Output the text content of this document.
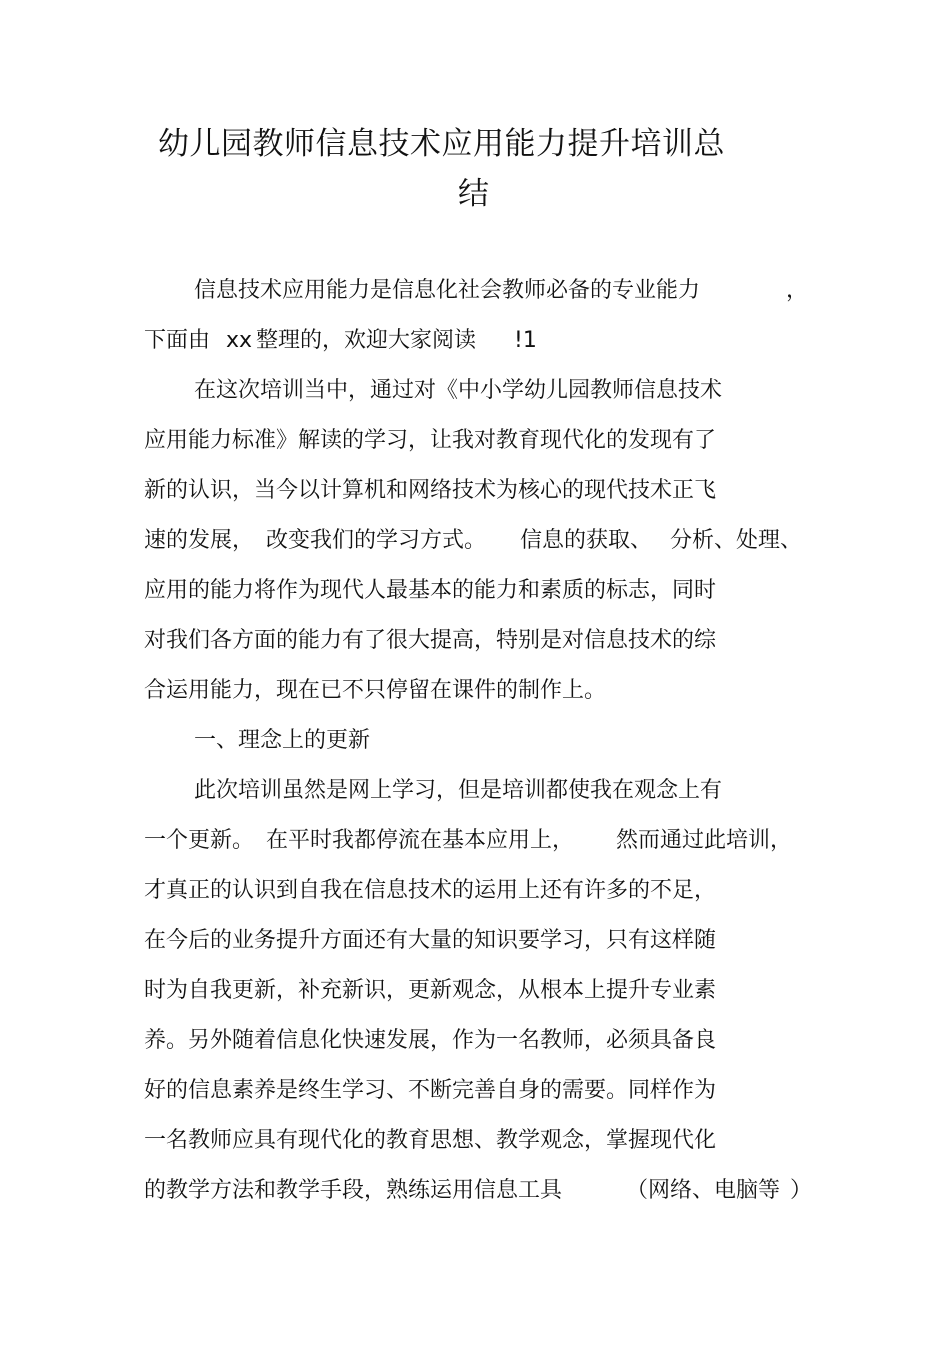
幼儿园教师信息技术应用能力提升培训总
结
信息技术应用能力是信息化社会教师必备的专业能力	，
下面由 xx 整理的，欢迎大家阅读 !1
在这次培训当中，通过对《中小学幼儿园教师信息技术
应用能力标准》解读的学习，让我对教育现代化的发现有了
新的认识，当今以计算机和网络技术为核心的现代技术正飞
速的发展， 改变我们的学习方式。 信息的获取、 分析、处理、
应用的能力将作为现代人最基本的能力和素质的标志，同时
对我们各方面的能力有了很大提高，特别是对信息技术的综
合运用能力，现在已不只停留在课件的制作上。
一、理念上的更新
此次培训虽然是网上学习，但是培训都使我在观念上有
一个更新。 在平时我都停流在基本应用上， 然而通过此培训，
才真正的认识到自我在信息技术的运用上还有许多的不足，
在今后的业务提升方面还有大量的知识要学习，只有这样随
时为自我更新，补充新识，更新观念，从根本上提升专业素
养。另外随着信息化快速发展，作为一名教师，必须具备良
好的信息素养是终生学习、不断完善自身的需要。同样作为
一名教师应具有现代化的教育思想、教学观念，掌握现代化
的教学方法和教学手段，熟练运用信息工具	（网络、电脑等 ）
